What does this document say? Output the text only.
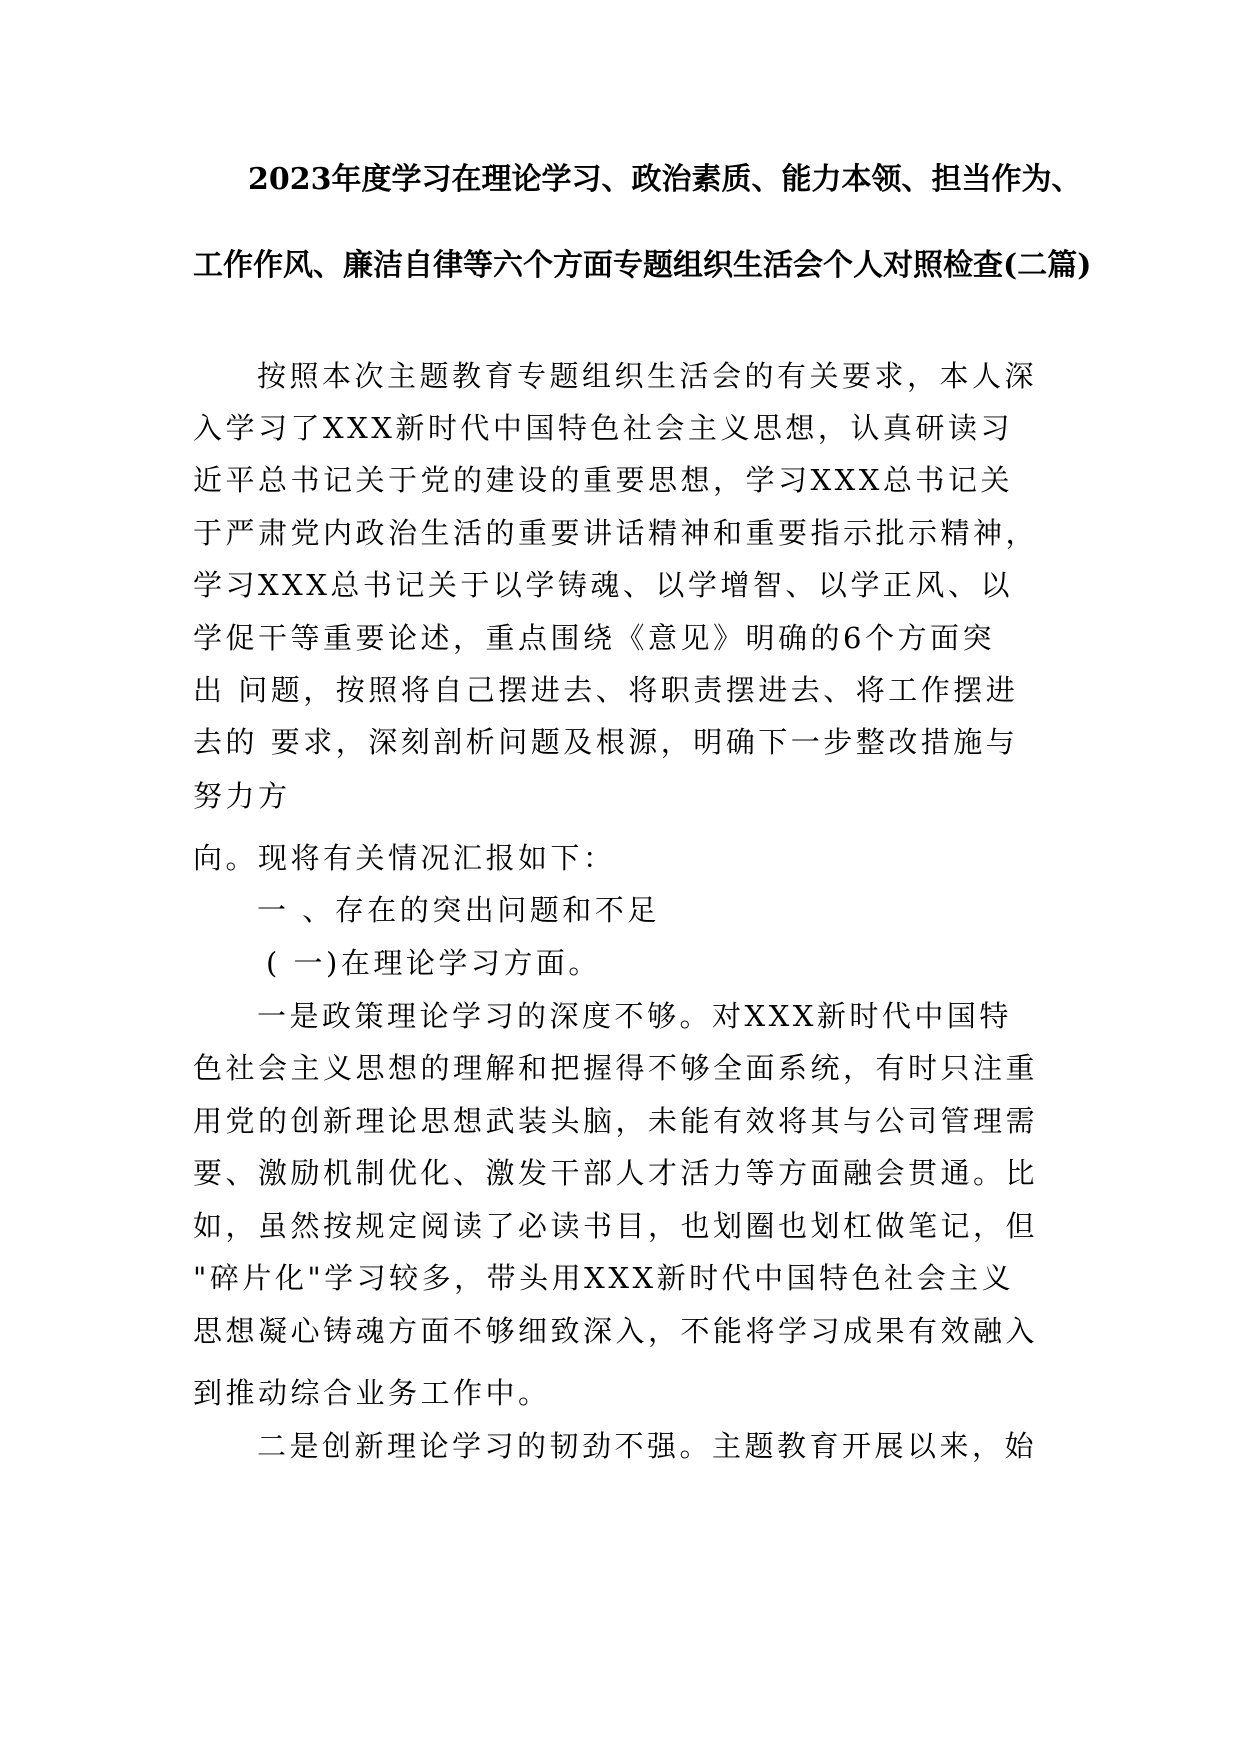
2023年度学习在理论学习、政治素质、能力本领、担当作为、

工作作风、廉洁自律等六个方面专题组织生活会个人对照检查(二篇)

按照本次主题教育专题组织生活会的有关要求，本人深

入学习了XXX新时代中国特色社会主义思想，认真研读习

近平总书记关于党的建设的重要思想，学习XXX总书记关

于严肃党内政治生活的重要讲话精神和重要指示批示精神，

学习XXX总书记关于以学铸魂、以学增智、以学正风、以

学促干等重要论述，重点围绕《意见》明确的6个方面突

出 问题，按照将自己摆进去、将职责摆进去、将工作摆进

去的 要求，深刻剖析问题及根源，明确下一步整改措施与

努力方

向。现将有关情况汇报如下：

一 、存在的突出问题和不足

( 一)在理论学习方面。

一是政策理论学习的深度不够。对XXX新时代中国特

色社会主义思想的理解和把握得不够全面系统，有时只注重

用党的创新理论思想武装头脑，未能有效将其与公司管理需

要、激励机制优化、激发干部人才活力等方面融会贯通。比

如，虽然按规定阅读了必读书目，也划圈也划杠做笔记，但

"碎片化"学习较多，带头用XXX新时代中国特色社会主义

思想凝心铸魂方面不够细致深入，不能将学习成果有效融入

到推动综合业务工作中。

二是创新理论学习的韧劲不强。主题教育开展以来，始
